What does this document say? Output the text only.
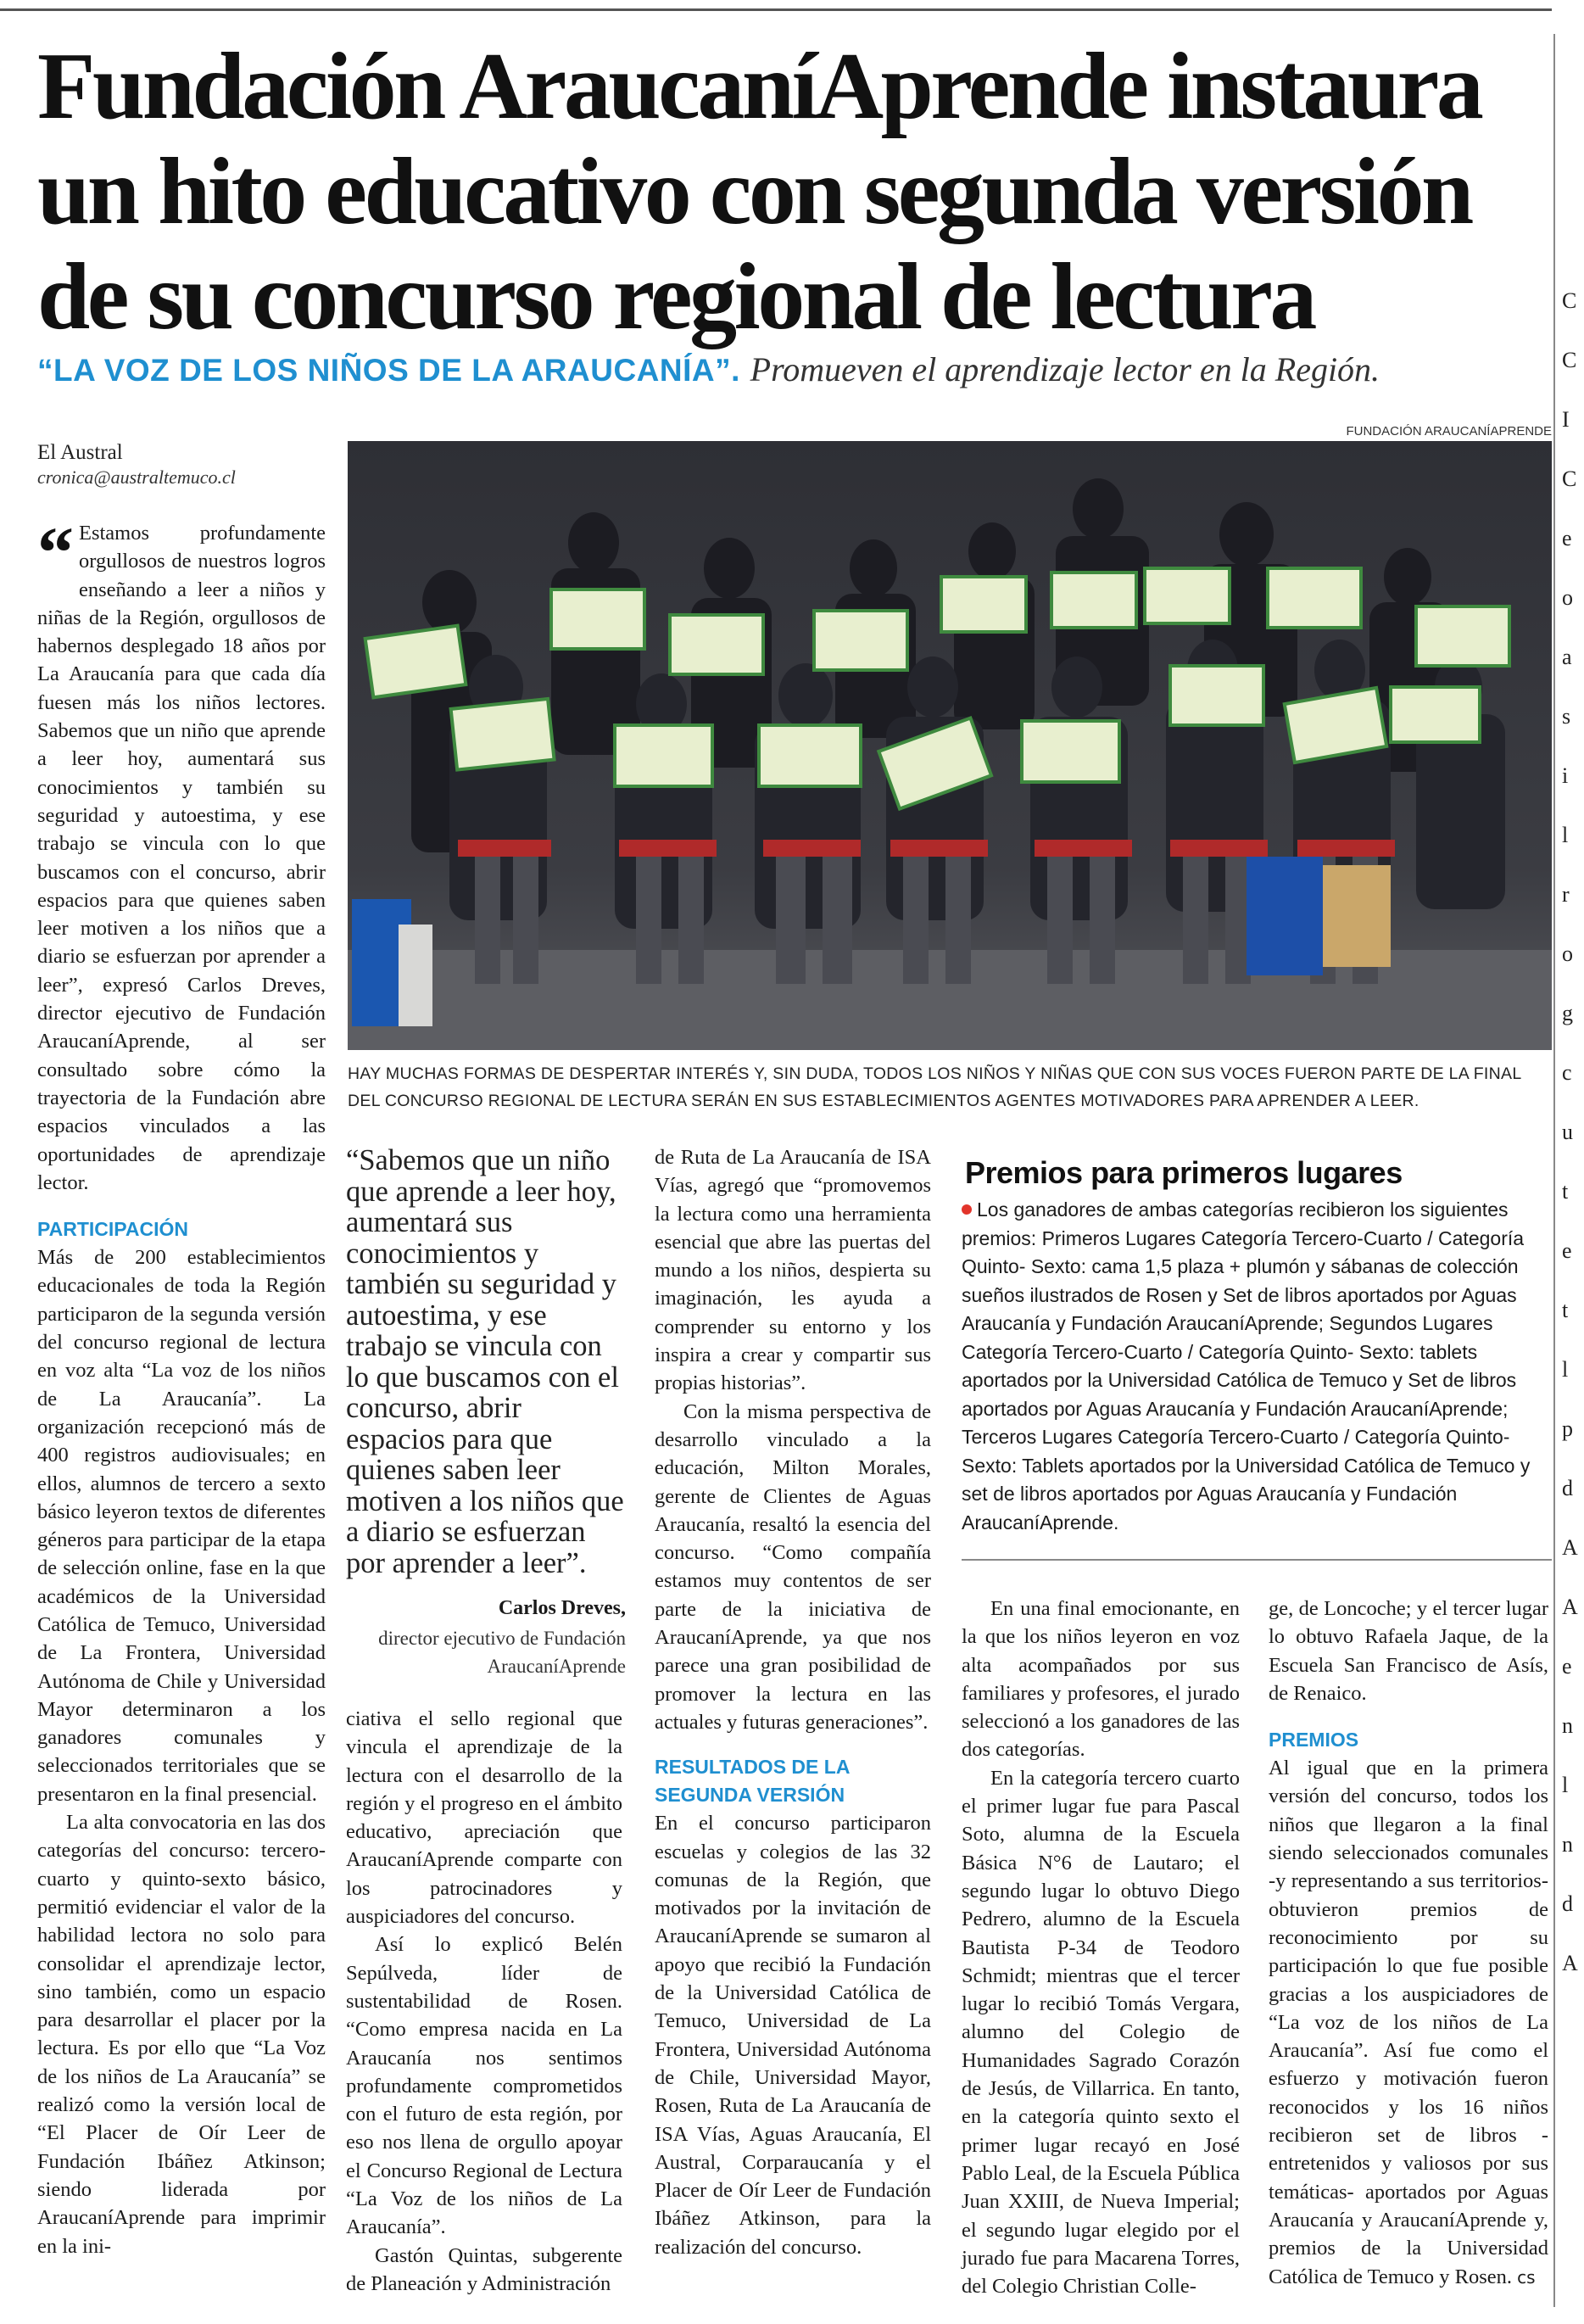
C
C
I
C
e
o
a
s
i
l
r
o
g
c
u
t
e
t
l
p
d
A
A
e
n
l
n
d
A
Fundación AraucaníAprende instaura un hito educativo con segunda versión de su concurso regional de lectura
“LA VOZ DE LOS NIÑOS DE LA ARAUCANÍA”. Promueven el aprendizaje lector en la Región.
El Austral
cronica@australtemuco.cl
FUNDACIÓN ARAUCANÍAPRENDE
HAY MUCHAS FORMAS DE DESPERTAR INTERÉS Y, SIN DUDA, TODOS LOS NIÑOS Y NIÑAS QUE CON SUS VOCES FUERON PARTE DE LA FINAL DEL CONCURSO REGIONAL DE LECTURA SERÁN EN SUS ESTABLECIMIENTOS AGENTES MOTIVADORES PARA APRENDER A LEER.
“ Estamos profundamente orgullosos de nuestros logros enseñando a leer a niños y niñas de la Región, orgullosos de habernos desplegado 18 años por La Araucanía para que cada día fuesen más los niños lectores. Sabemos que un niño que aprende a leer hoy, aumentará sus conocimientos y también su seguridad y autoestima, y ese trabajo se vincula con lo que buscamos con el concurso, abrir espacios para que quienes saben leer motiven a los niños que a diario se esfuerzan por aprender a leer”, expresó Carlos Dreves, director ejecutivo de Fundación AraucaníAprende, al ser consultado sobre cómo la trayectoria de la Fundación abre espacios vinculados a las oportunidades de aprendizaje lector.

PARTICIPACIÓN

Más de 200 establecimientos educacionales de toda la Región participaron de la segunda versión del concurso regional de lectura en voz alta “La voz de los niños de La Araucanía”. La organización recepcionó más de 400 registros audiovisuales; en ellos, alumnos de tercero a sexto básico leyeron textos de diferentes géneros para participar de la etapa de selección online, fase en la que académicos de la Universidad Católica de Temuco, Universidad de La Frontera, Universidad Autónoma de Chile y Universidad Mayor determinaron a los ganadores comunales y seleccionados territoriales que se presentaron en la final presencial.

La alta convocatoria en las dos categorías del concurso: tercero-cuarto y quinto-sexto básico, permitió evidenciar el valor de la habilidad lectora no solo para consolidar el aprendizaje lector, sino también, como un espacio para desarrollar el placer por la lectura. Es por ello que “La Voz de los niños de La Araucanía” se realizó como la versión local de “El Placer de Oír Leer de Fundación Ibáñez Atkinson; siendo liderada por AraucaníAprende para imprimir en la ini-

“Sabemos que un niño que aprende a leer hoy, aumentará sus conocimientos y también su seguridad y autoestima, y ese trabajo se vincula con lo que buscamos con el concurso, abrir espacios para que quienes saben leer motiven a los niños que a diario se esfuerzan por aprender a leer”.
Carlos Dreves,
director ejecutivo de Fundación AraucaníAprende

ciativa el sello regional que vincula el aprendizaje de la lectura con el desarrollo de la región y el progreso en el ámbito educativo, apreciación que AraucaníAprende comparte con los patrocinadores y auspiciadores del concurso.

Así lo explicó Belén Sepúlveda, líder de sustentabilidad de Rosen. “Como empresa nacida en La Araucanía nos sentimos profundamente comprometidos con el futuro de esta región, por eso nos llena de orgullo apoyar el Concurso Regional de Lectura “La Voz de los niños de La Araucanía”.

Gastón Quintas, subgerente de Planeación y Administración

de Ruta de La Araucanía de ISA Vías, agregó que “promovemos la lectura como una herramienta esencial que abre las puertas del mundo a los niños, despierta su imaginación, les ayuda a comprender su entorno y los inspira a crear y compartir sus propias historias”.

Con la misma perspectiva de desarrollo vinculado a la educación, Milton Morales, gerente de Clientes de Aguas Araucanía, resaltó la esencia del concurso. “Como compañía estamos muy contentos de ser parte de la iniciativa de AraucaníAprende, ya que nos parece una gran posibilidad de promover la lectura en las actuales y futuras generaciones”.

RESULTADOS DE LA SEGUNDA VERSIÓN

En el concurso participaron escuelas y colegios de las 32 comunas de la Región, que motivados por la invitación de AraucaníAprende se sumaron al apoyo que recibió la Fundación de la Universidad Católica de Temuco, Universidad de La Frontera, Universidad Autónoma de Chile, Universidad Mayor, Rosen, Ruta de La Araucanía de ISA Vías, Aguas Araucanía, El Austral, Corparaucanía y el Placer de Oír Leer de Fundación Ibáñez Atkinson, para la realización del concurso.

Premios para primeros lugares
Los ganadores de ambas categorías recibieron los siguientes premios: Primeros Lugares Categoría Tercero-Cuarto / Categoría Quinto- Sexto: cama 1,5 plaza + plumón y sábanas de colección sueños ilustrados de Rosen y Set de libros aportados por Aguas Araucanía y Fundación AraucaníAprende; Segundos Lugares Categoría Tercero-Cuarto / Categoría Quinto- Sexto: tablets aportados por la Universidad Católica de Temuco y Set de libros aportados por Aguas Araucanía y Fundación AraucaníAprende; Terceros Lugares Categoría Tercero-Cuarto / Categoría Quinto- Sexto: Tablets aportados por la Universidad Católica de Temuco y set de libros aportados por Aguas Araucanía y Fundación AraucaníAprende.

En una final emocionante, en la que los niños leyeron en voz alta acompañados por sus familiares y profesores, el jurado seleccionó a los ganadores de las dos categorías.

En la categoría tercero cuarto el primer lugar fue para Pascal Soto, alumna de la Escuela Básica N°6 de Lautaro; el segundo lugar lo obtuvo Diego Pedrero, alumno de la Escuela Bautista P-34 de Teodoro Schmidt; mientras que el tercer lugar lo recibió Tomás Vergara, alumno del Colegio de Humanidades Sagrado Corazón de Jesús, de Villarrica. En tanto, en la categoría quinto sexto el primer lugar recayó en José Pablo Leal, de la Escuela Pública Juan XXIII, de Nueva Imperial; el segundo lugar elegido por el jurado fue para Macarena Torres, del Colegio Christian Colle-

ge, de Loncoche; y el tercer lugar lo obtuvo Rafaela Jaque, de la Escuela San Francisco de Asís, de Renaico.

PREMIOS

Al igual que en la primera versión del concurso, todos los niños que llegaron a la final siendo seleccionados comunales -y representando a sus territorios- obtuvieron premios de reconocimiento por su participación lo que fue posible gracias a los auspiciadores de “La voz de los niños de La Araucanía”. Así fue como el esfuerzo y motivación fueron reconocidos y los 16 niños recibieron set de libros -entretenidos y valiosos por sus temáticas- aportados por Aguas Araucanía y AraucaníAprende y, premios de la Universidad Católica de Temuco y Rosen. cs
